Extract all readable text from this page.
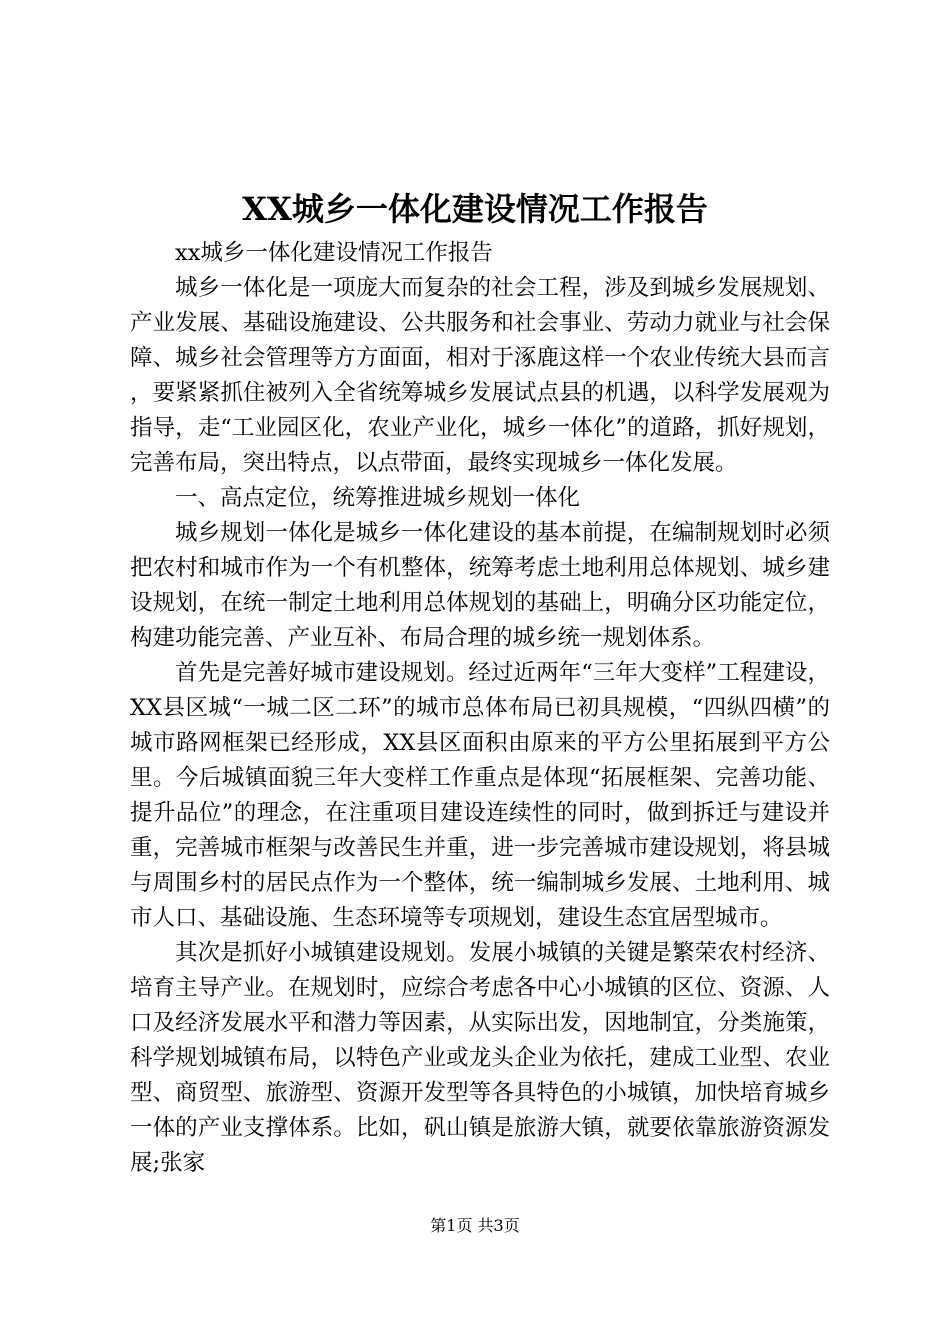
XX城乡一体化建设情况工作报告

xx城乡一体化建设情况工作报告

城乡一体化是一项庞大而复杂的社会工程，涉及到城乡发展规划、产业发展、基础设施建设、公共服务和社会事业、劳动力就业与社会保障、城乡社会管理等方方面面，相对于涿鹿这样一个农业传统大县而言，要紧紧抓住被列入全省统筹城乡发展试点县的机遇，以科学发展观为指导，走“工业园区化，农业产业化，城乡一体化”的道路，抓好规划，完善布局，突出特点，以点带面，最终实现城乡一体化发展。

一、高点定位，统筹推进城乡规划一体化

城乡规划一体化是城乡一体化建设的基本前提，在编制规划时必须把农村和城市作为一个有机整体，统筹考虑土地利用总体规划、城乡建设规划，在统一制定土地利用总体规划的基础上，明确分区功能定位，构建功能完善、产业互补、布局合理的城乡统一规划体系。

首先是完善好城市建设规划。经过近两年“三年大变样”工程建设，XX县区城“一城二区二环”的城市总体布局已初具规模，“四纵四横”的城市路网框架已经形成，XX县区面积由原来的平方公里拓展到平方公里。今后城镇面貌三年大变样工作重点是体现“拓展框架、完善功能、提升品位”的理念，在注重项目建设连续性的同时，做到拆迁与建设并重，完善城市框架与改善民生并重，进一步完善城市建设规划，将县城与周围乡村的居民点作为一个整体，统一编制城乡发展、土地利用、城市人口、基础设施、生态环境等专项规划，建设生态宜居型城市。

其次是抓好小城镇建设规划。发展小城镇的关键是繁荣农村经济、培育主导产业。在规划时，应综合考虑各中心小城镇的区位、资源、人口及经济发展水平和潜力等因素，从实际出发，因地制宜，分类施策，科学规划城镇布局，以特色产业或龙头企业为依托，建成工业型、农业型、商贸型、旅游型、资源开发型等各具特色的小城镇，加快培育城乡一体的产业支撑体系。比如，矾山镇是旅游大镇，就要依靠旅游资源发展;张家

第1页 共3页
